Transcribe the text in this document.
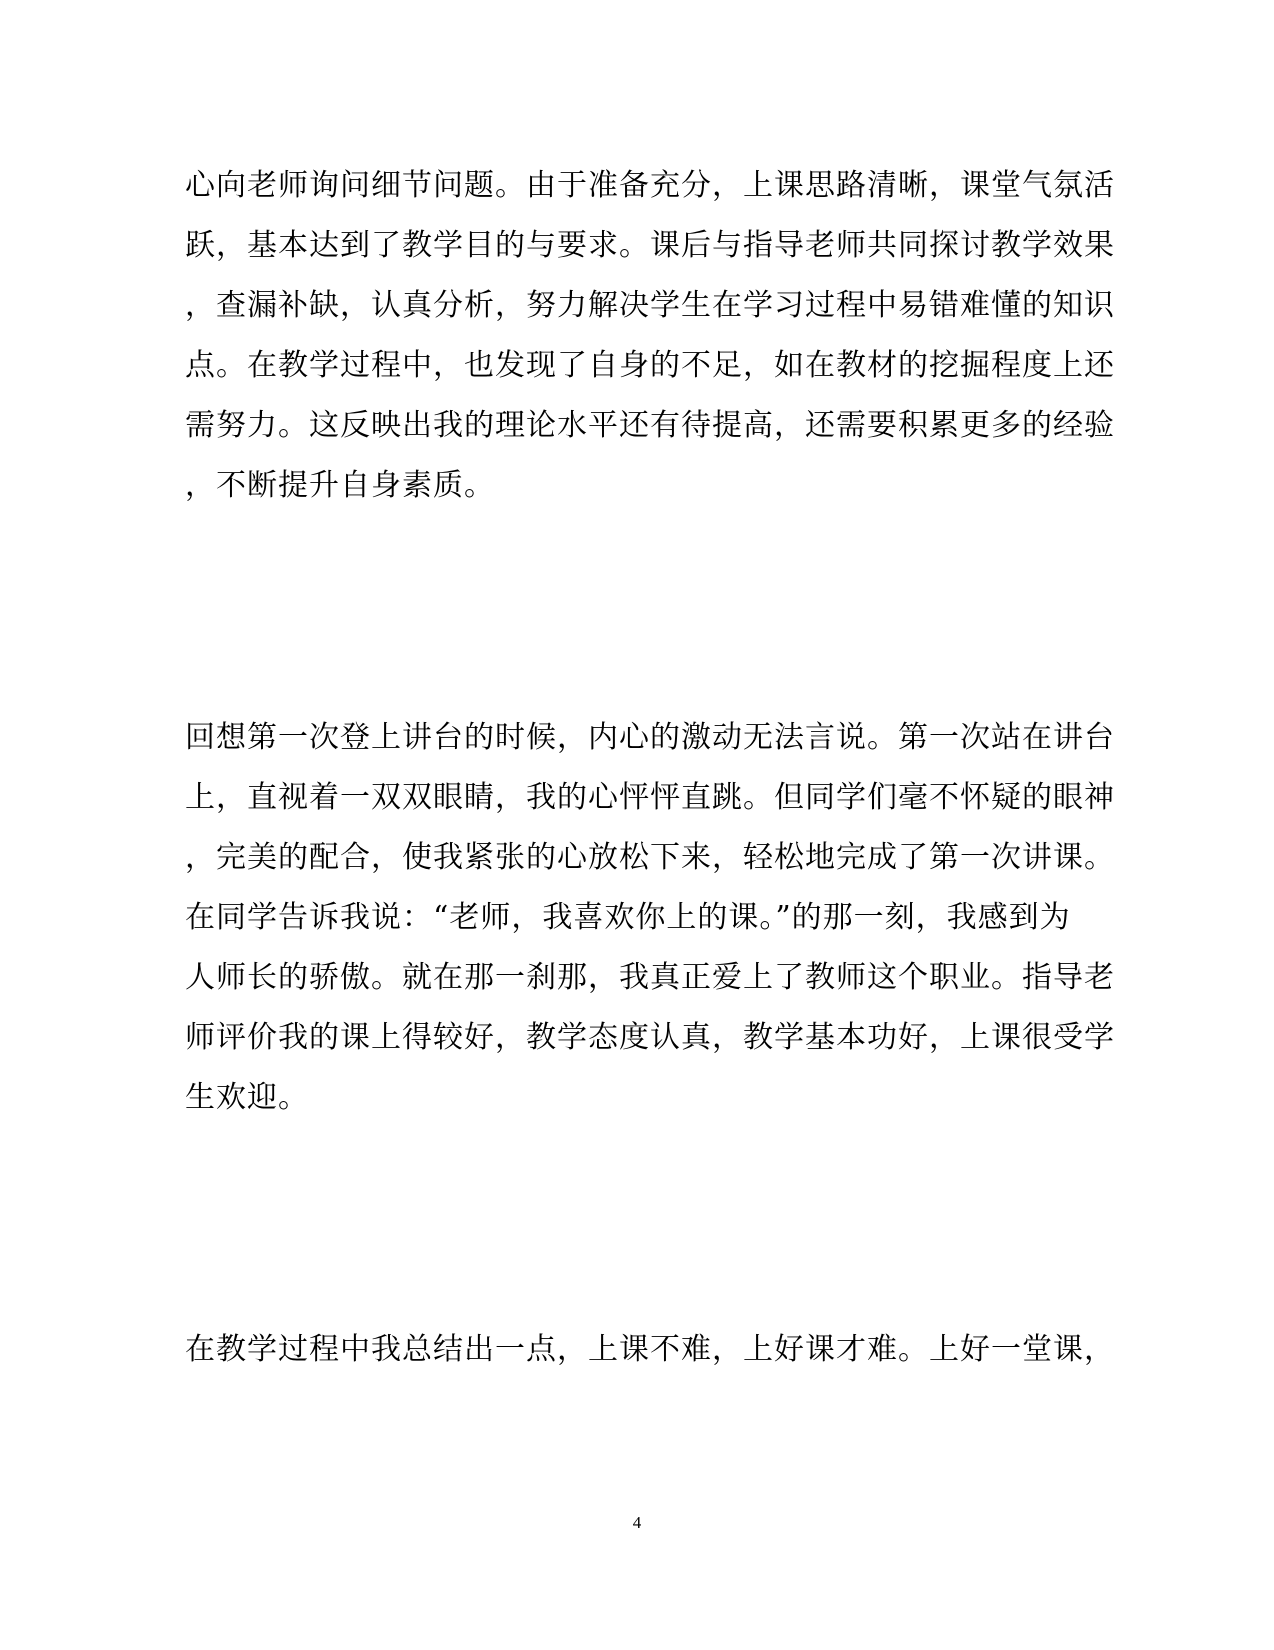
心向老师询问细节问题。由于准备充分，上课思路清晰，课堂气氛活
跃，基本达到了教学目的与要求。课后与指导老师共同探讨教学效果
，查漏补缺，认真分析，努力解决学生在学习过程中易错难懂的知识
点。在教学过程中，也发现了自身的不足，如在教材的挖掘程度上还
需努力。这反映出我的理论水平还有待提高，还需要积累更多的经验
，不断提升自身素质。
回想第一次登上讲台的时候，内心的激动无法言说。第一次站在讲台
上，直视着一双双眼睛，我的心怦怦直跳。但同学们毫不怀疑的眼神
，完美的配合，使我紧张的心放松下来，轻松地完成了第一次讲课。
在同学告诉我说：“老师，我喜欢你上的课。”的那一刻，我感到为
人师长的骄傲。就在那一刹那，我真正爱上了教师这个职业。指导老
师评价我的课上得较好，教学态度认真，教学基本功好，上课很受学
生欢迎。
在教学过程中我总结出一点，上课不难，上好课才难。上好一堂课，
4
